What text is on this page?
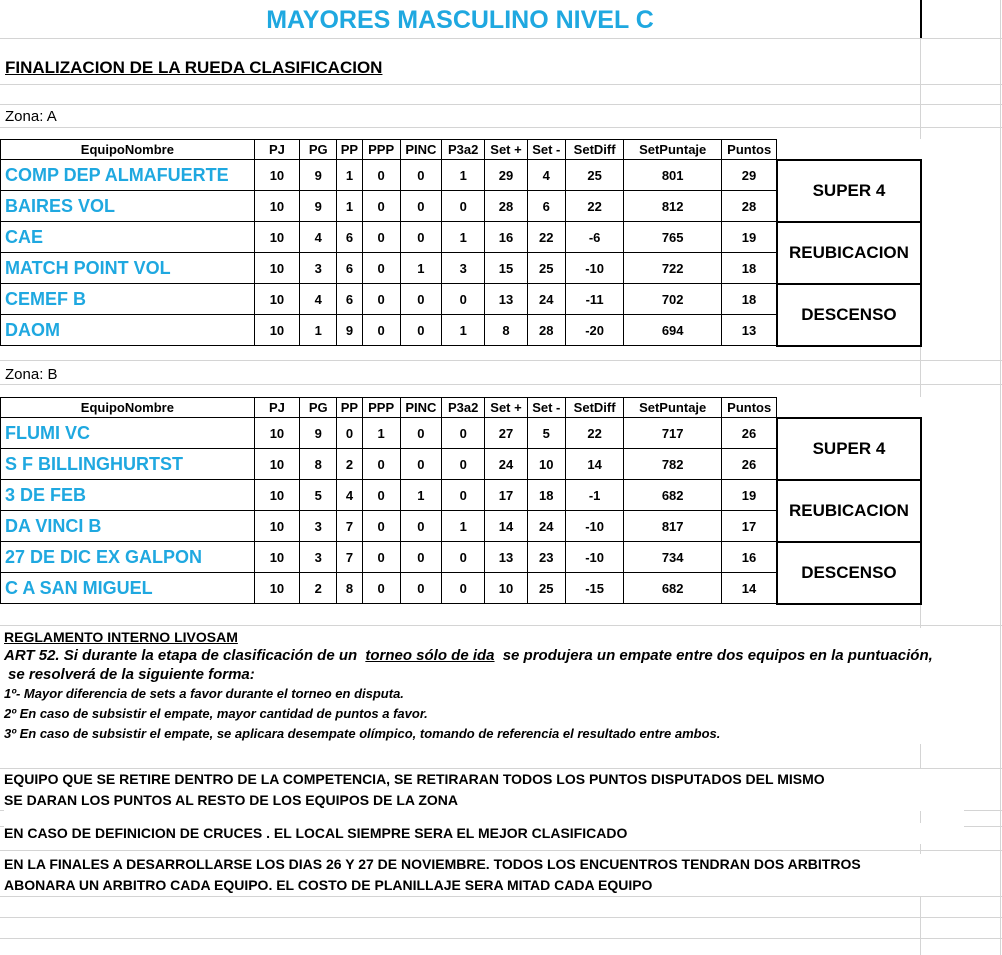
MAYORES MASCULINO NIVEL C
FINALIZACION DE LA RUEDA CLASIFICACION
Zona: A
EquipoNombre	PJ	PG	PP	PPP	PINC	P3a2	Set +	Set -	SetDiff	SetPuntaje	Puntos	
COMP DEP ALMAFUERTE	10	9	1	0	0	1	29	4	25	801	29	SUPER 4
BAIRES VOL	10	9	1	0	0	0	28	6	22	812	28	
CAE	10	4	6	0	0	1	16	22	-6	765	19	REUBICACION
MATCH POINT VOL	10	3	6	0	1	3	15	25	-10	722	18	
CEMEF B	10	4	6	0	0	0	13	24	-11	702	18	DESCENSO
DAOM	10	1	9	0	0	1	8	28	-20	694	13	
Zona: B
EquipoNombre	PJ	PG	PP	PPP	PINC	P3a2	Set +	Set -	SetDiff	SetPuntaje	Puntos	
FLUMI VC	10	9	0	1	0	0	27	5	22	717	26	SUPER 4
S F BILLINGHURTST	10	8	2	0	0	0	24	10	14	782	26	
3 DE FEB	10	5	4	0	1	0	17	18	-1	682	19	REUBICACION
DA VINCI B	10	3	7	0	0	1	14	24	-10	817	17	
27 DE DIC EX GALPON	10	3	7	0	0	0	13	23	-10	734	16	DESCENSO
C A SAN MIGUEL	10	2	8	0	0	0	10	25	-15	682	14	
REGLAMENTO INTERNO LIVOSAM
ART 52. Si durante la etapa de clasificación de un torneo sólo de ida se produjera un empate entre dos equipos en la puntuación,
se resolverá de la siguiente forma:
1º- Mayor diferencia de sets a favor durante el torneo en disputa.
2º En caso de subsistir el empate, mayor cantidad de puntos a favor.
3º En caso de subsistir el empate, se aplicara desempate olímpico, tomando de referencia el resultado entre ambos.
EQUIPO QUE SE RETIRE DENTRO DE LA COMPETENCIA, SE RETIRARAN TODOS LOS PUNTOS DISPUTADOS DEL MISMO
SE DARAN LOS PUNTOS AL RESTO DE LOS EQUIPOS DE LA ZONA
EN CASO DE DEFINICION DE CRUCES . EL LOCAL SIEMPRE SERA EL MEJOR CLASIFICADO
EN LA FINALES A DESARROLLARSE LOS DIAS 26 Y 27 DE NOVIEMBRE. TODOS LOS ENCUENTROS TENDRAN DOS ARBITROS
ABONARA UN ARBITRO CADA EQUIPO. EL COSTO DE PLANILLAJE SERA MITAD CADA EQUIPO
